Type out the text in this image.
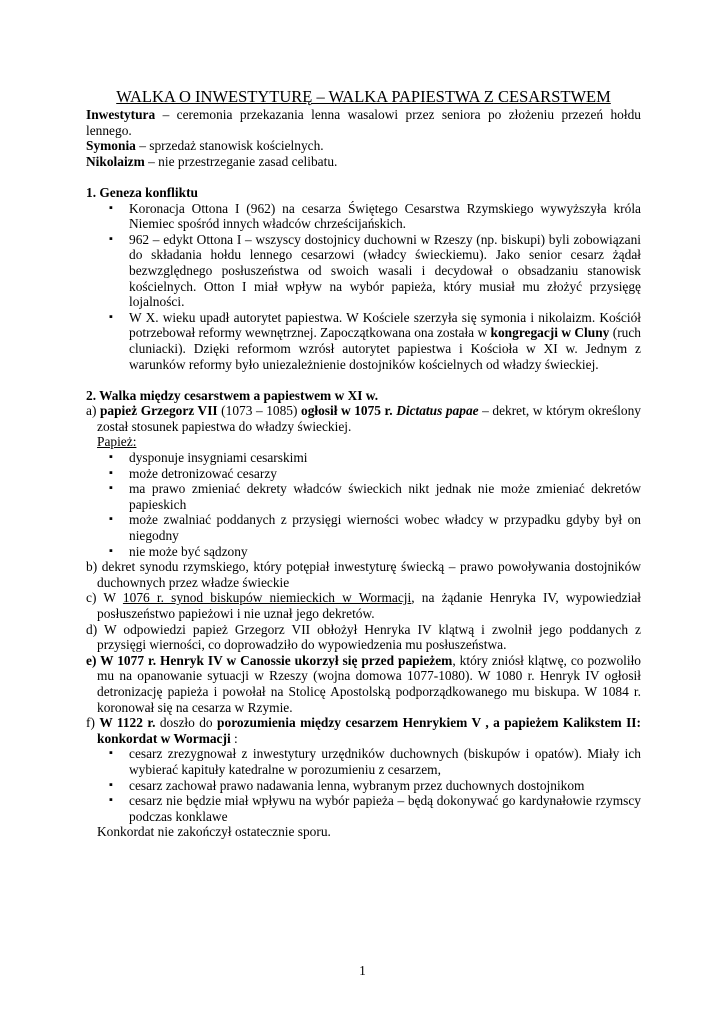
WALKA O INWESTYTURĘ – WALKA PAPIESTWA Z CESARSTWEM

Inwestytura – ceremonia przekazania lenna wasalowi przez seniora po złożeniu przezeń hołdu lennego.

Symonia – sprzedaż stanowisk kościelnych.

Nikolaizm – nie przestrzeganie zasad celibatu.

1. Geneza konfliktu

▪ Koronacja Ottona I (962) na cesarza Świętego Cesarstwa Rzymskiego wywyższyła króla Niemiec spośród innych władców chrześcijańskich.

▪ 962 – edykt Ottona I – wszyscy dostojnicy duchowni w Rzeszy (np. biskupi) byli zobowiązani do składania hołdu lennego cesarzowi (władcy świeckiemu). Jako senior cesarz żądał bezwzględnego posłuszeństwa od swoich wasali i decydował o obsadzaniu stanowisk kościelnych. Otton I miał wpływ na wybór papieża, który musiał mu złożyć przysięgę lojalności.

▪ W X. wieku upadł autorytet papiestwa. W Kościele szerzyła się symonia i nikolaizm. Kościół potrzebował reformy wewnętrznej. Zapoczątkowana ona została w kongregacji w Cluny (ruch cluniacki). Dzięki reformom wzrósł autorytet papiestwa i Kościoła w XI w. Jednym z warunków reformy było uniezależnienie dostojników kościelnych od władzy świeckiej.

2. Walka między cesarstwem a papiestwem w XI w.

a) papież Grzegorz VII (1073 – 1085) ogłosił w 1075 r. Dictatus papae – dekret, w którym określony został stosunek papiestwa do władzy świeckiej.

Papież:

▪ dysponuje insygniami cesarskimi

▪ może detronizować cesarzy

▪ ma prawo zmieniać dekrety władców świeckich nikt jednak nie może zmieniać dekretów papieskich

▪ może zwalniać poddanych z przysięgi wierności wobec władcy w przypadku gdyby był on niegodny

▪ nie może być sądzony

b) dekret synodu rzymskiego, który potępiał inwestyturę świecką – prawo powoływania dostojników duchownych przez władze świeckie

c) W 1076 r. synod biskupów niemieckich w Wormacji, na żądanie Henryka IV, wypowiedział posłuszeństwo papieżowi i nie uznał jego dekretów.

d) W odpowiedzi papież Grzegorz VII obłożył Henryka IV klątwą i zwolnił jego poddanych z przysięgi wierności, co doprowadziło do wypowiedzenia mu posłuszeństwa.

e) W 1077 r. Henryk IV w Canossie ukorzył się przed papieżem, który zniósł klątwę, co pozwoliło mu na opanowanie sytuacji w Rzeszy (wojna domowa 1077-1080). W 1080 r. Henryk IV ogłosił detronizację papieża i powołał na Stolicę Apostolską podporządkowanego mu biskupa. W 1084 r. koronował się na cesarza w Rzymie.

f) W 1122 r. doszło do porozumienia między cesarzem Henrykiem V , a papieżem Kalikstem II: konkordat w Wormacji :

▪ cesarz zrezygnował z inwestytury urzędników duchownych (biskupów i opatów). Miały ich wybierać kapituły katedralne w porozumieniu z cesarzem,

▪ cesarz zachował prawo nadawania lenna, wybranym przez duchownych dostojnikom

▪ cesarz nie będzie miał wpływu na wybór papieża – będą dokonywać go kardynałowie rzymscy podczas konklawe

Konkordat nie zakończył ostatecznie sporu.

1
